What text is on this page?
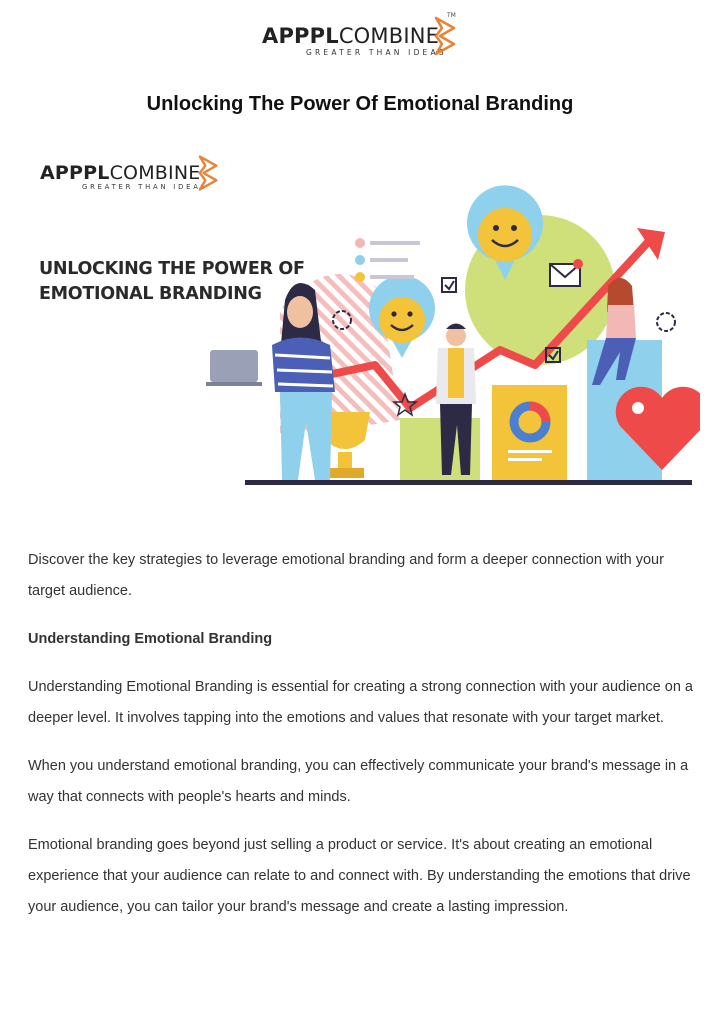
APPPLCOMBINE
GREATER THAN IDEAS
TM
Unlocking The Power Of Emotional Branding
APPPLCOMBINE
GREATER THAN IDEAS
UNLOCKING THE POWER OF
EMOTIONAL BRANDING

Discover the key strategies to leverage emotional branding and form a deeper connection with your target audience.

Understanding Emotional Branding

Understanding Emotional Branding is essential for creating a strong connection with your audience on a deeper level. It involves tapping into the emotions and values that resonate with your target market.

When you understand emotional branding, you can effectively communicate your brand's message in a way that connects with people's hearts and minds.

Emotional branding goes beyond just selling a product or service. It's about creating an emotional experience that your audience can relate to and connect with. By understanding the emotions that drive your audience, you can tailor your brand's message and create a lasting impression.
